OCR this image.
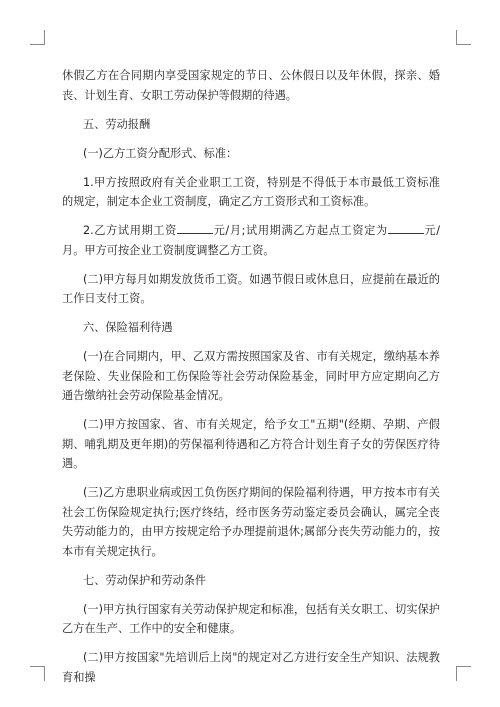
休假乙方在合同期内享受国家规定的节日、公休假日以及年休假，探亲、婚丧、计划生育、女职工劳动保护等假期的待遇。

五、劳动报酬

(一)乙方工资分配形式、标准：

1.甲方按照政府有关企业职工工资，特别是不得低于本市最低工资标准的规定，制定本企业工资制度，确定乙方工资形式和工资标准。

2.乙方试用期工资	元/月;试用期满乙方起点工资定为	元/月。甲方可按企业工资制度调整乙方工资。

(二)甲方每月如期发放货币工资。如遇节假日或休息日，应提前在最近的工作日支付工资。

六、保险福利待遇

(一)在合同期内，甲、乙双方需按照国家及省、市有关规定，缴纳基本养老保险、失业保险和工伤保险等社会劳动保险基金，同时甲方应定期向乙方通告缴纳社会劳动保险基金情况。

(二)甲方按国家、省、市有关规定，给予女工"五期"(经期、孕期、产假期、哺乳期及更年期)的劳保福利待遇和乙方符合计划生育子女的劳保医疗待遇。

(三)乙方患职业病或因工负伤医疗期间的保险福利待遇，甲方按本市有关社会工伤保险规定执行;医疗终结，经市医务劳动鉴定委员会确认，属完全丧失劳动能力的，由甲方按规定给予办理提前退休;属部分丧失劳动能力的，按本市有关规定执行。

七、劳动保护和劳动条件

(一)甲方执行国家有关劳动保护规定和标准，包括有关女职工、切实保护乙方在生产、工作中的安全和健康。

(二)甲方按国家"先培训后上岗"的规定对乙方进行安全生产知识、法规教育和操
